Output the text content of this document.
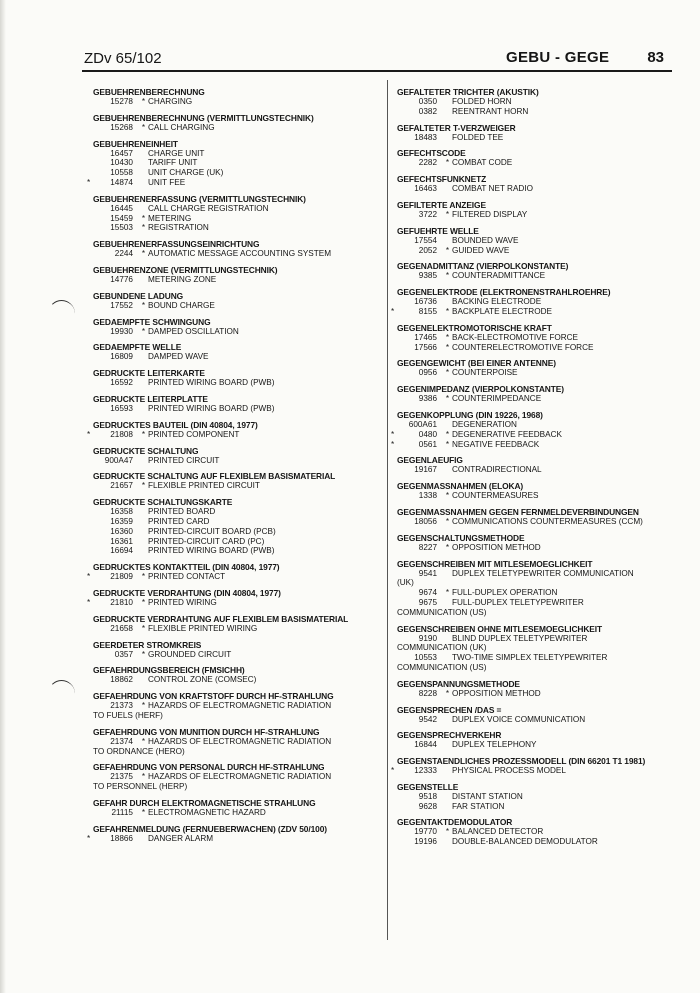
ZDv 65/102	GEBU - GEGE	83
GEBUEHRENBERECHNUNG
15278 * CHARGING
GEBUEHRENBERECHNUNG (VERMITTLUNGSTECHNIK)
15268 * CALL CHARGING
GEBUEHRENEINHEIT
16457 CHARGE UNIT
10430 TARIFF UNIT
10558 UNIT CHARGE (UK)
*	14874 UNIT FEE
GEBUEHRENERFASSUNG (VERMITTLUNGSTECHNIK)
16445 CALL CHARGE REGISTRATION
15459 * METERING
15503 * REGISTRATION
GEBUEHRENERFASSUNGSEINRICHTUNG
2244 * AUTOMATIC MESSAGE ACCOUNTING SYSTEM
GEBUEHRENZONE (VERMITTLUNGSTECHNIK)
14776 METERING ZONE
GEBUNDENE LADUNG
17552 * BOUND CHARGE
GEDAEMPFTE SCHWINGUNG
19930 * DAMPED OSCILLATION
GEDAEMPFTE WELLE
16809 DAMPED WAVE
GEDRUCKTE LEITERKARTE
16592 PRINTED WIRING BOARD (PWB)
GEDRUCKTE LEITERPLATTE
16593 PRINTED WIRING BOARD (PWB)
GEDRUCKTES BAUTEIL (DIN 40804, 1977)
*	21808 * PRINTED COMPONENT
GEDRUCKTE SCHALTUNG
900A47 PRINTED CIRCUIT
GEDRUCKTE SCHALTUNG AUF FLEXIBLEM BASISMATERIAL
21657 * FLEXIBLE PRINTED CIRCUIT
GEDRUCKTE SCHALTUNGSKARTE
16358 PRINTED BOARD
16359 PRINTED CARD
16360 PRINTED-CIRCUIT BOARD (PCB)
16361 PRINTED-CIRCUIT CARD (PC)
16694 PRINTED WIRING BOARD (PWB)
GEDRUCKTES KONTAKTTEIL (DIN 40804, 1977)
*	21809 * PRINTED CONTACT
GEDRUCKTE VERDRAHTUNG (DIN 40804, 1977)
*	21810 * PRINTED WIRING
GEDRUCKTE VERDRAHTUNG AUF FLEXIBLEM BASISMATERIAL
21658 * FLEXIBLE PRINTED WIRING
GEERDETER STROMKREIS
0357 * GROUNDED CIRCUIT
GEFAEHRDUNGSBEREICH (FMSICHH)
18862 CONTROL ZONE (COMSEC)
GEFAEHRDUNG VON KRAFTSTOFF DURCH HF-STRAHLUNG
21373 * HAZARDS OF ELECTROMAGNETIC RADIATION
TO FUELS (HERF)
GEFAEHRDUNG VON MUNITION DURCH HF-STRAHLUNG
21374 * HAZARDS OF ELECTROMAGNETIC RADIATION
TO ORDNANCE (HERO)
GEFAEHRDUNG VON PERSONAL DURCH HF-STRAHLUNG
21375 * HAZARDS OF ELECTROMAGNETIC RADIATION
TO PERSONNEL (HERP)
GEFAHR DURCH ELEKTROMAGNETISCHE STRAHLUNG
21115 * ELECTROMAGNETIC HAZARD
GEFAHRENMELDUNG (FERNUEBERWACHEN) (ZDV 50/100)
*	18866 DANGER ALARM
GEFALTETER TRICHTER (AKUSTIK)
0350 FOLDED HORN
0382 REENTRANT HORN
GEFALTETER T-VERZWEIGER
18483 FOLDED TEE
GEFECHTSCODE
2282 * COMBAT CODE
GEFECHTSFUNKNETZ
16463 COMBAT NET RADIO
GEFILTERTE ANZEIGE
3722 * FILTERED DISPLAY
GEFUEHRTE WELLE
17554 BOUNDED WAVE
2052 * GUIDED WAVE
GEGENADMITTANZ (VIERPOLKONSTANTE)
9385 * COUNTERADMITTANCE
GEGENELEKTRODE (ELEKTRONENSTRAHLROEHRE)
16736 BACKING ELECTRODE
*	8155 * BACKPLATE ELECTRODE
GEGENELEKTROMOTORISCHE KRAFT
17465 * BACK-ELECTROMOTIVE FORCE
17566 * COUNTERELECTROMOTIVE FORCE
GEGENGEWICHT (BEI EINER ANTENNE)
0956 * COUNTERPOISE
GEGENIMPEDANZ (VIERPOLKONSTANTE)
9386 * COUNTERIMPEDANCE
GEGENKOPPLUNG (DIN 19226, 1968)
600A61 DEGENERATION
*	0480 * DEGENERATIVE FEEDBACK
*	0561 * NEGATIVE FEEDBACK
GEGENLAEUFIG
19167 CONTRADIRECTIONAL
GEGENMASSNAHMEN (ELOKA)
1338 * COUNTERMEASURES
GEGENMASSNAHMEN GEGEN FERNMELDEVERBINDUNGEN
18056 * COMMUNICATIONS COUNTERMEASURES (CCM)
GEGENSCHALTUNGSMETHODE
8227 * OPPOSITION METHOD
GEGENSCHREIBEN MIT MITLESEMOEGLICHKEIT
9541 DUPLEX TELETYPEWRITER COMMUNICATION
(UK)
9674 * FULL-DUPLEX OPERATION
9675 FULL-DUPLEX TELETYPEWRITER
COMMUNICATION (US)
GEGENSCHREIBEN OHNE MITLESEMOEGLICHKEIT
9190 BLIND DUPLEX TELETYPEWRITER
COMMUNICATION (UK)
10553 TWO-TIME SIMPLEX TELETYPEWRITER
COMMUNICATION (US)
GEGENSPANNUNGSMETHODE
8228 * OPPOSITION METHOD
GEGENSPRECHEN /DAS =
9542 DUPLEX VOICE COMMUNICATION
GEGENSPRECHVERKEHR
16844 DUPLEX TELEPHONY
GEGENSTAENDLICHES PROZESSMODELL (DIN 66201 T1 1981)
*	12333 PHYSICAL PROCESS MODEL
GEGENSTELLE
9518 DISTANT STATION
9628 FAR STATION
GEGENTAKTDEMODULATOR
19770 * BALANCED DETECTOR
19196 DOUBLE-BALANCED DEMODULATOR
